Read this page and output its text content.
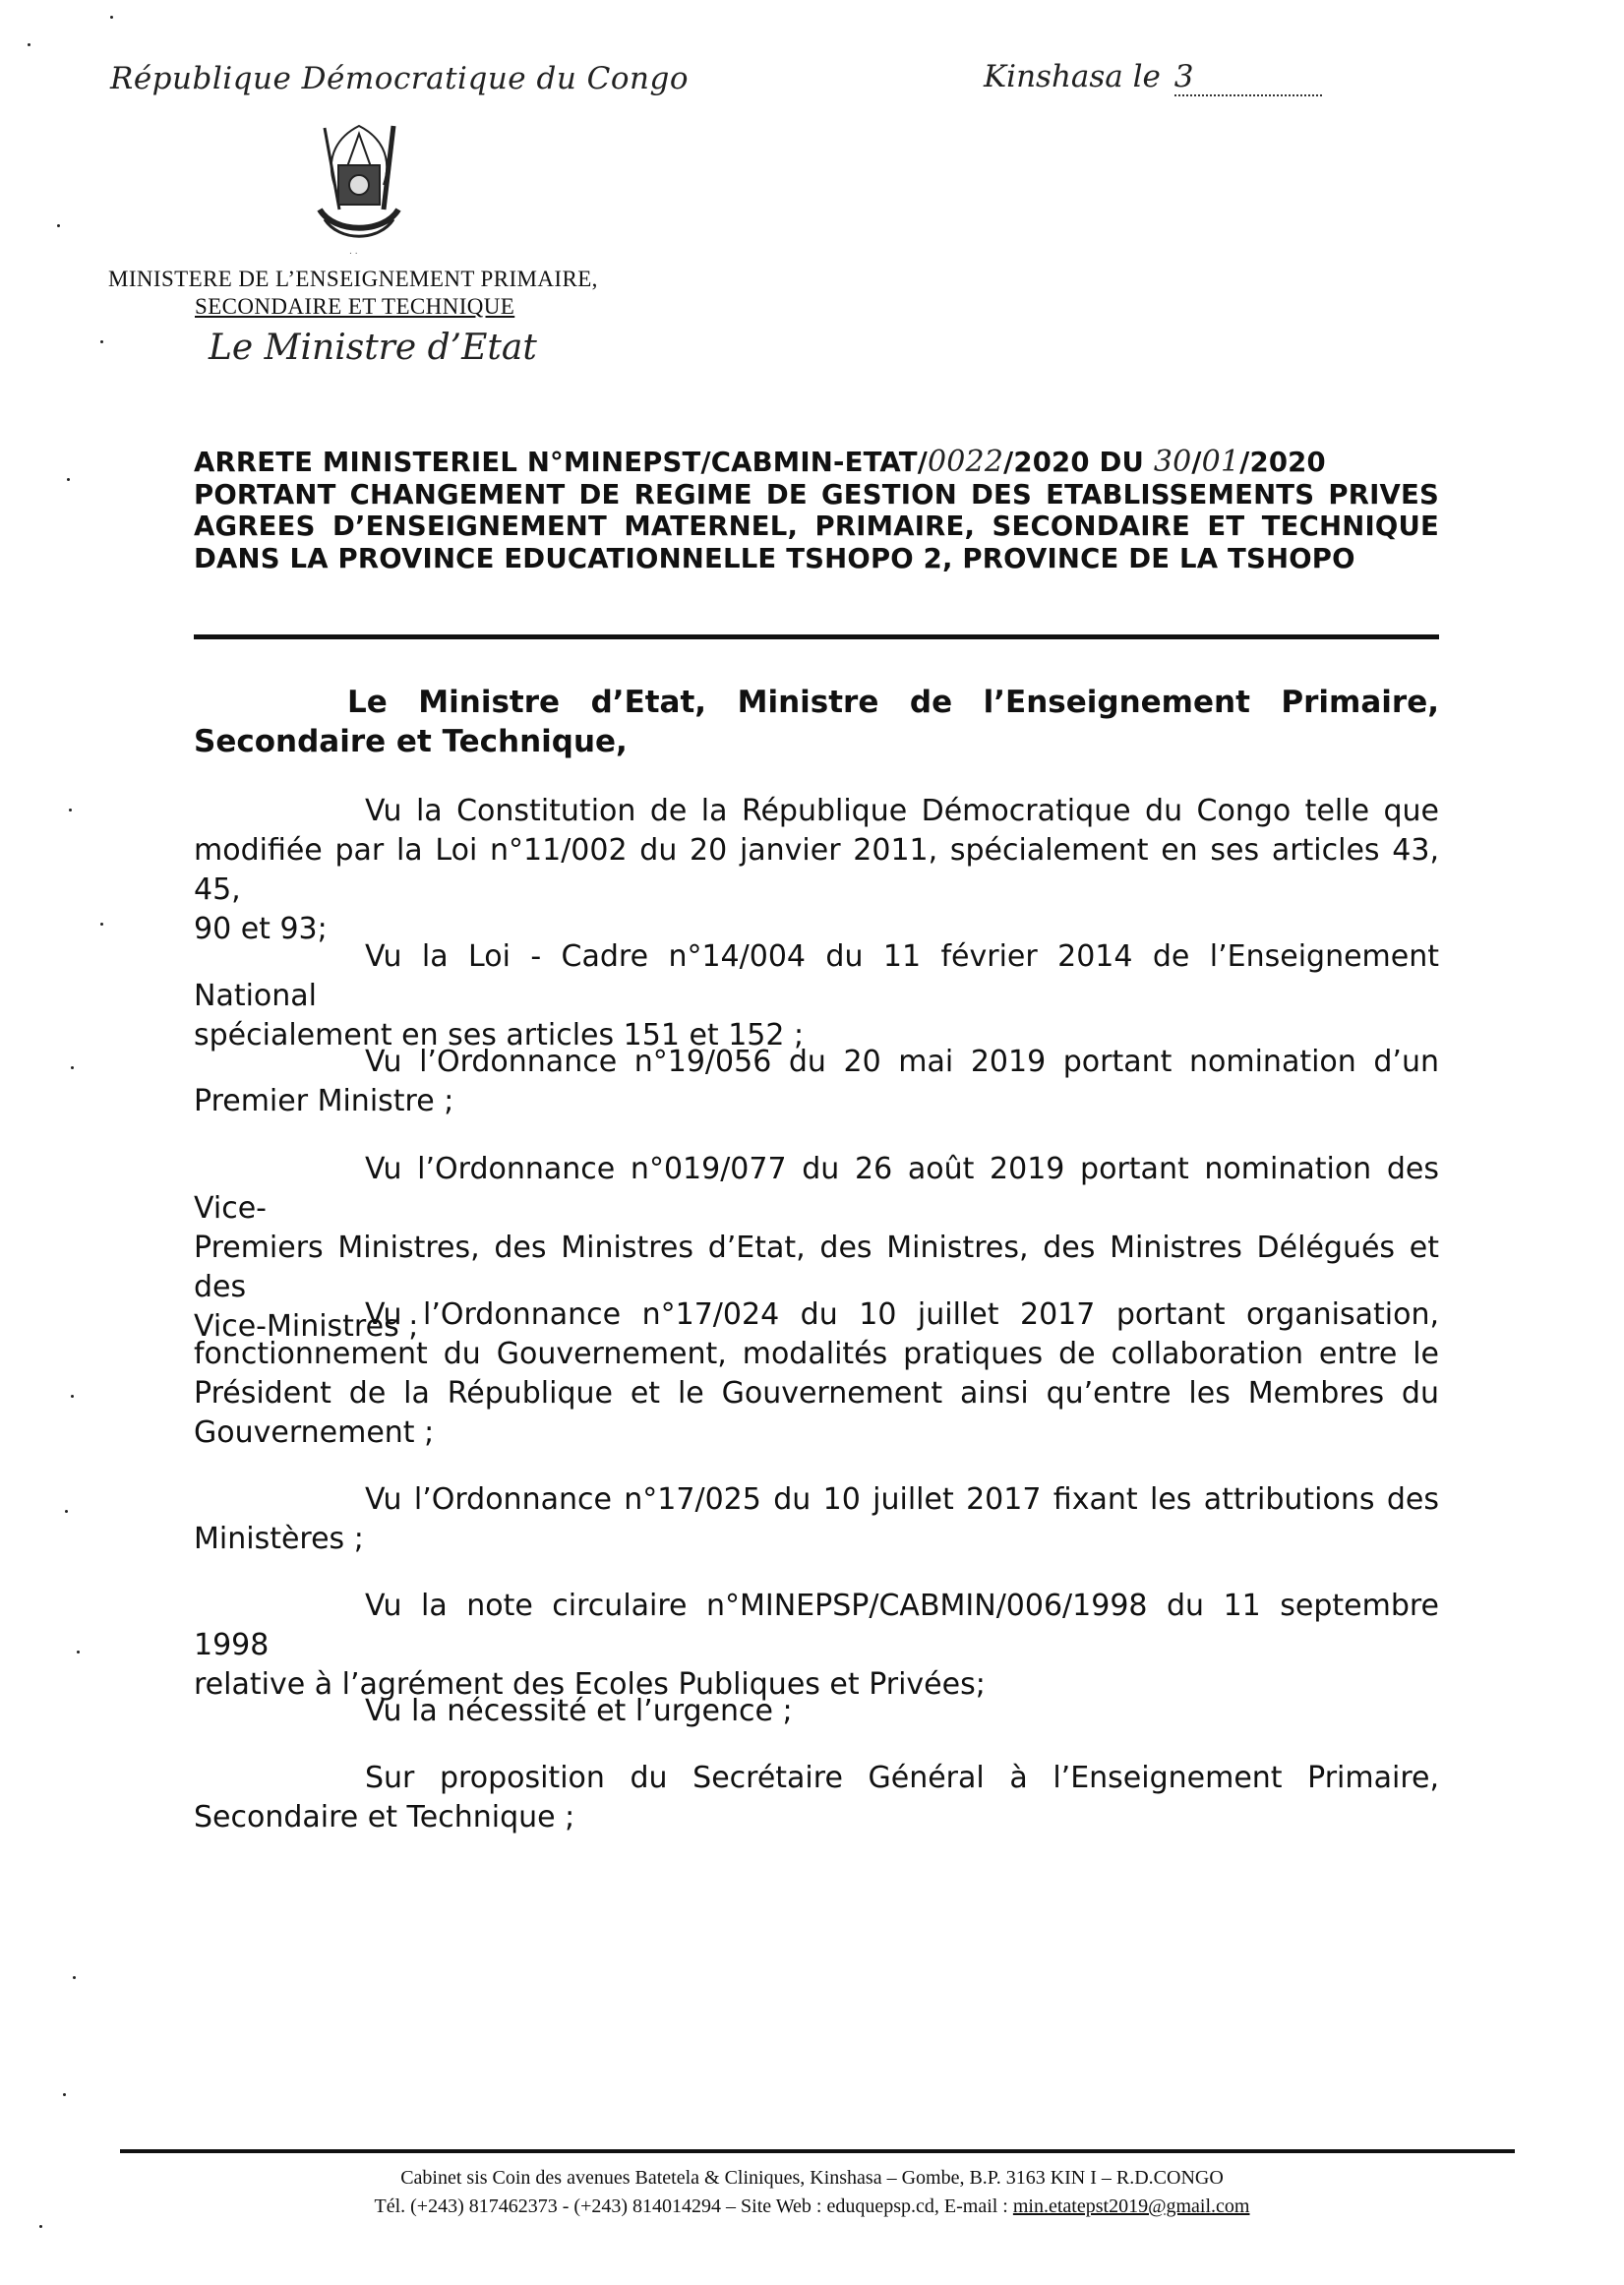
République Démocratique du Congo	Kinshasa le 3
. .
MINISTERE DE L’ENSEIGNEMENT PRIMAIRE,
SECONDAIRE ET TECHNIQUE
Le Ministre d’Etat
ARRETE MINISTERIEL N°MINEPST/CABMIN-ETAT/0022/2020 DU 30/01/2020
PORTANT CHANGEMENT DE REGIME DE GESTION DES ETABLISSEMENTS PRIVES
AGREES D’ENSEIGNEMENT MATERNEL, PRIMAIRE, SECONDAIRE ET TECHNIQUE
DANS LA PROVINCE EDUCATIONNELLE TSHOPO 2, PROVINCE DE LA TSHOPO
Le Ministre d’Etat, Ministre de l’Enseignement Primaire,
Secondaire et Technique,
Vu la Constitution de la République Démocratique du Congo telle que
modifiée par la Loi n°11/002 du 20 janvier 2011, spécialement en ses articles 43, 45,
90 et 93;
Vu la Loi - Cadre n°14/004 du 11 février 2014 de l’Enseignement National
spécialement en ses articles 151 et 152 ;
Vu l’Ordonnance n°19/056 du 20 mai 2019 portant nomination d’un
Premier Ministre ;
Vu l’Ordonnance n°019/077 du 26 août 2019 portant nomination des Vice-
Premiers Ministres, des Ministres d’Etat, des Ministres, des Ministres Délégués et des
Vice-Ministres ;
Vu l’Ordonnance n°17/024 du 10 juillet 2017 portant organisation,
fonctionnement du Gouvernement, modalités pratiques de collaboration entre le
Président de la République et le Gouvernement ainsi qu’entre les Membres du
Gouvernement ;
Vu l’Ordonnance n°17/025 du 10 juillet 2017 fixant les attributions des
Ministères ;
Vu la note circulaire n°MINEPSP/CABMIN/006/1998 du 11 septembre 1998
relative à l’agrément des Ecoles Publiques et Privées;
Vu la nécessité et l’urgence ;
Sur proposition du Secrétaire Général à l’Enseignement Primaire,
Secondaire et Technique ;
Cabinet sis Coin des avenues Batetela & Cliniques, Kinshasa – Gombe, B.P. 3163 KIN I – R.D.CONGO
Tél. (+243) 817462373 - (+243) 814014294 – Site Web : eduquepsp.cd, E-mail : min.etatepst2019@gmail.com
